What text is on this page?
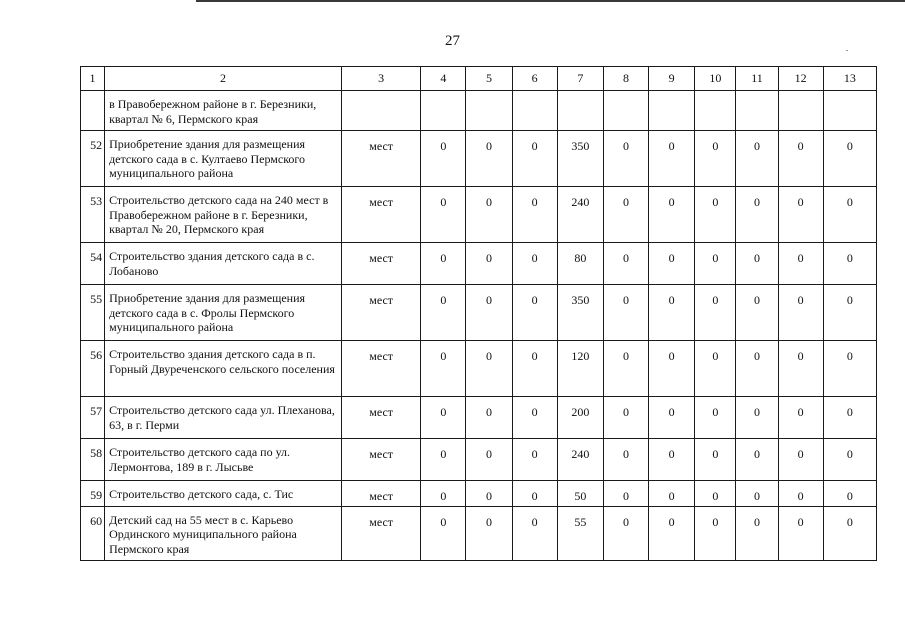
27
1	2	3	4	5	6	7	8	9	10	11	12	13
	в Правобережном районе в г. Березники, квартал № 6, Пермского края											
52	Приобретение здания для размещения детского сада в с. Култаево Пермского муниципального района	мест	0	0	0	350	0	0	0	0	0	0
53	Строительство детского сада на 240 мест в Правобережном районе в г. Березники, квартал № 20, Пермского края	мест	0	0	0	240	0	0	0	0	0	0
54	Строительство здания детского сада в с. Лобаново	мест	0	0	0	80	0	0	0	0	0	0
55	Приобретение здания для размещения детского сада в с. Фролы Пермского муниципального района	мест	0	0	0	350	0	0	0	0	0	0
56	Строительство здания детского сада в п. Горный Двуреченского сельского поселения	мест	0	0	0	120	0	0	0	0	0	0
57	Строительство детского сада ул. Плеханова, 63, в г. Перми	мест	0	0	0	200	0	0	0	0	0	0
58	Строительство детского сада по ул. Лермонтова, 189 в г. Лысьве	мест	0	0	0	240	0	0	0	0	0	0
59	Строительство детского сада, с. Тис	мест	0	0	0	50	0	0	0	0	0	0
60	Детский сад на 55 мест в с. Карьево Ординского муниципального района Пермского края	мест	0	0	0	55	0	0	0	0	0	0
